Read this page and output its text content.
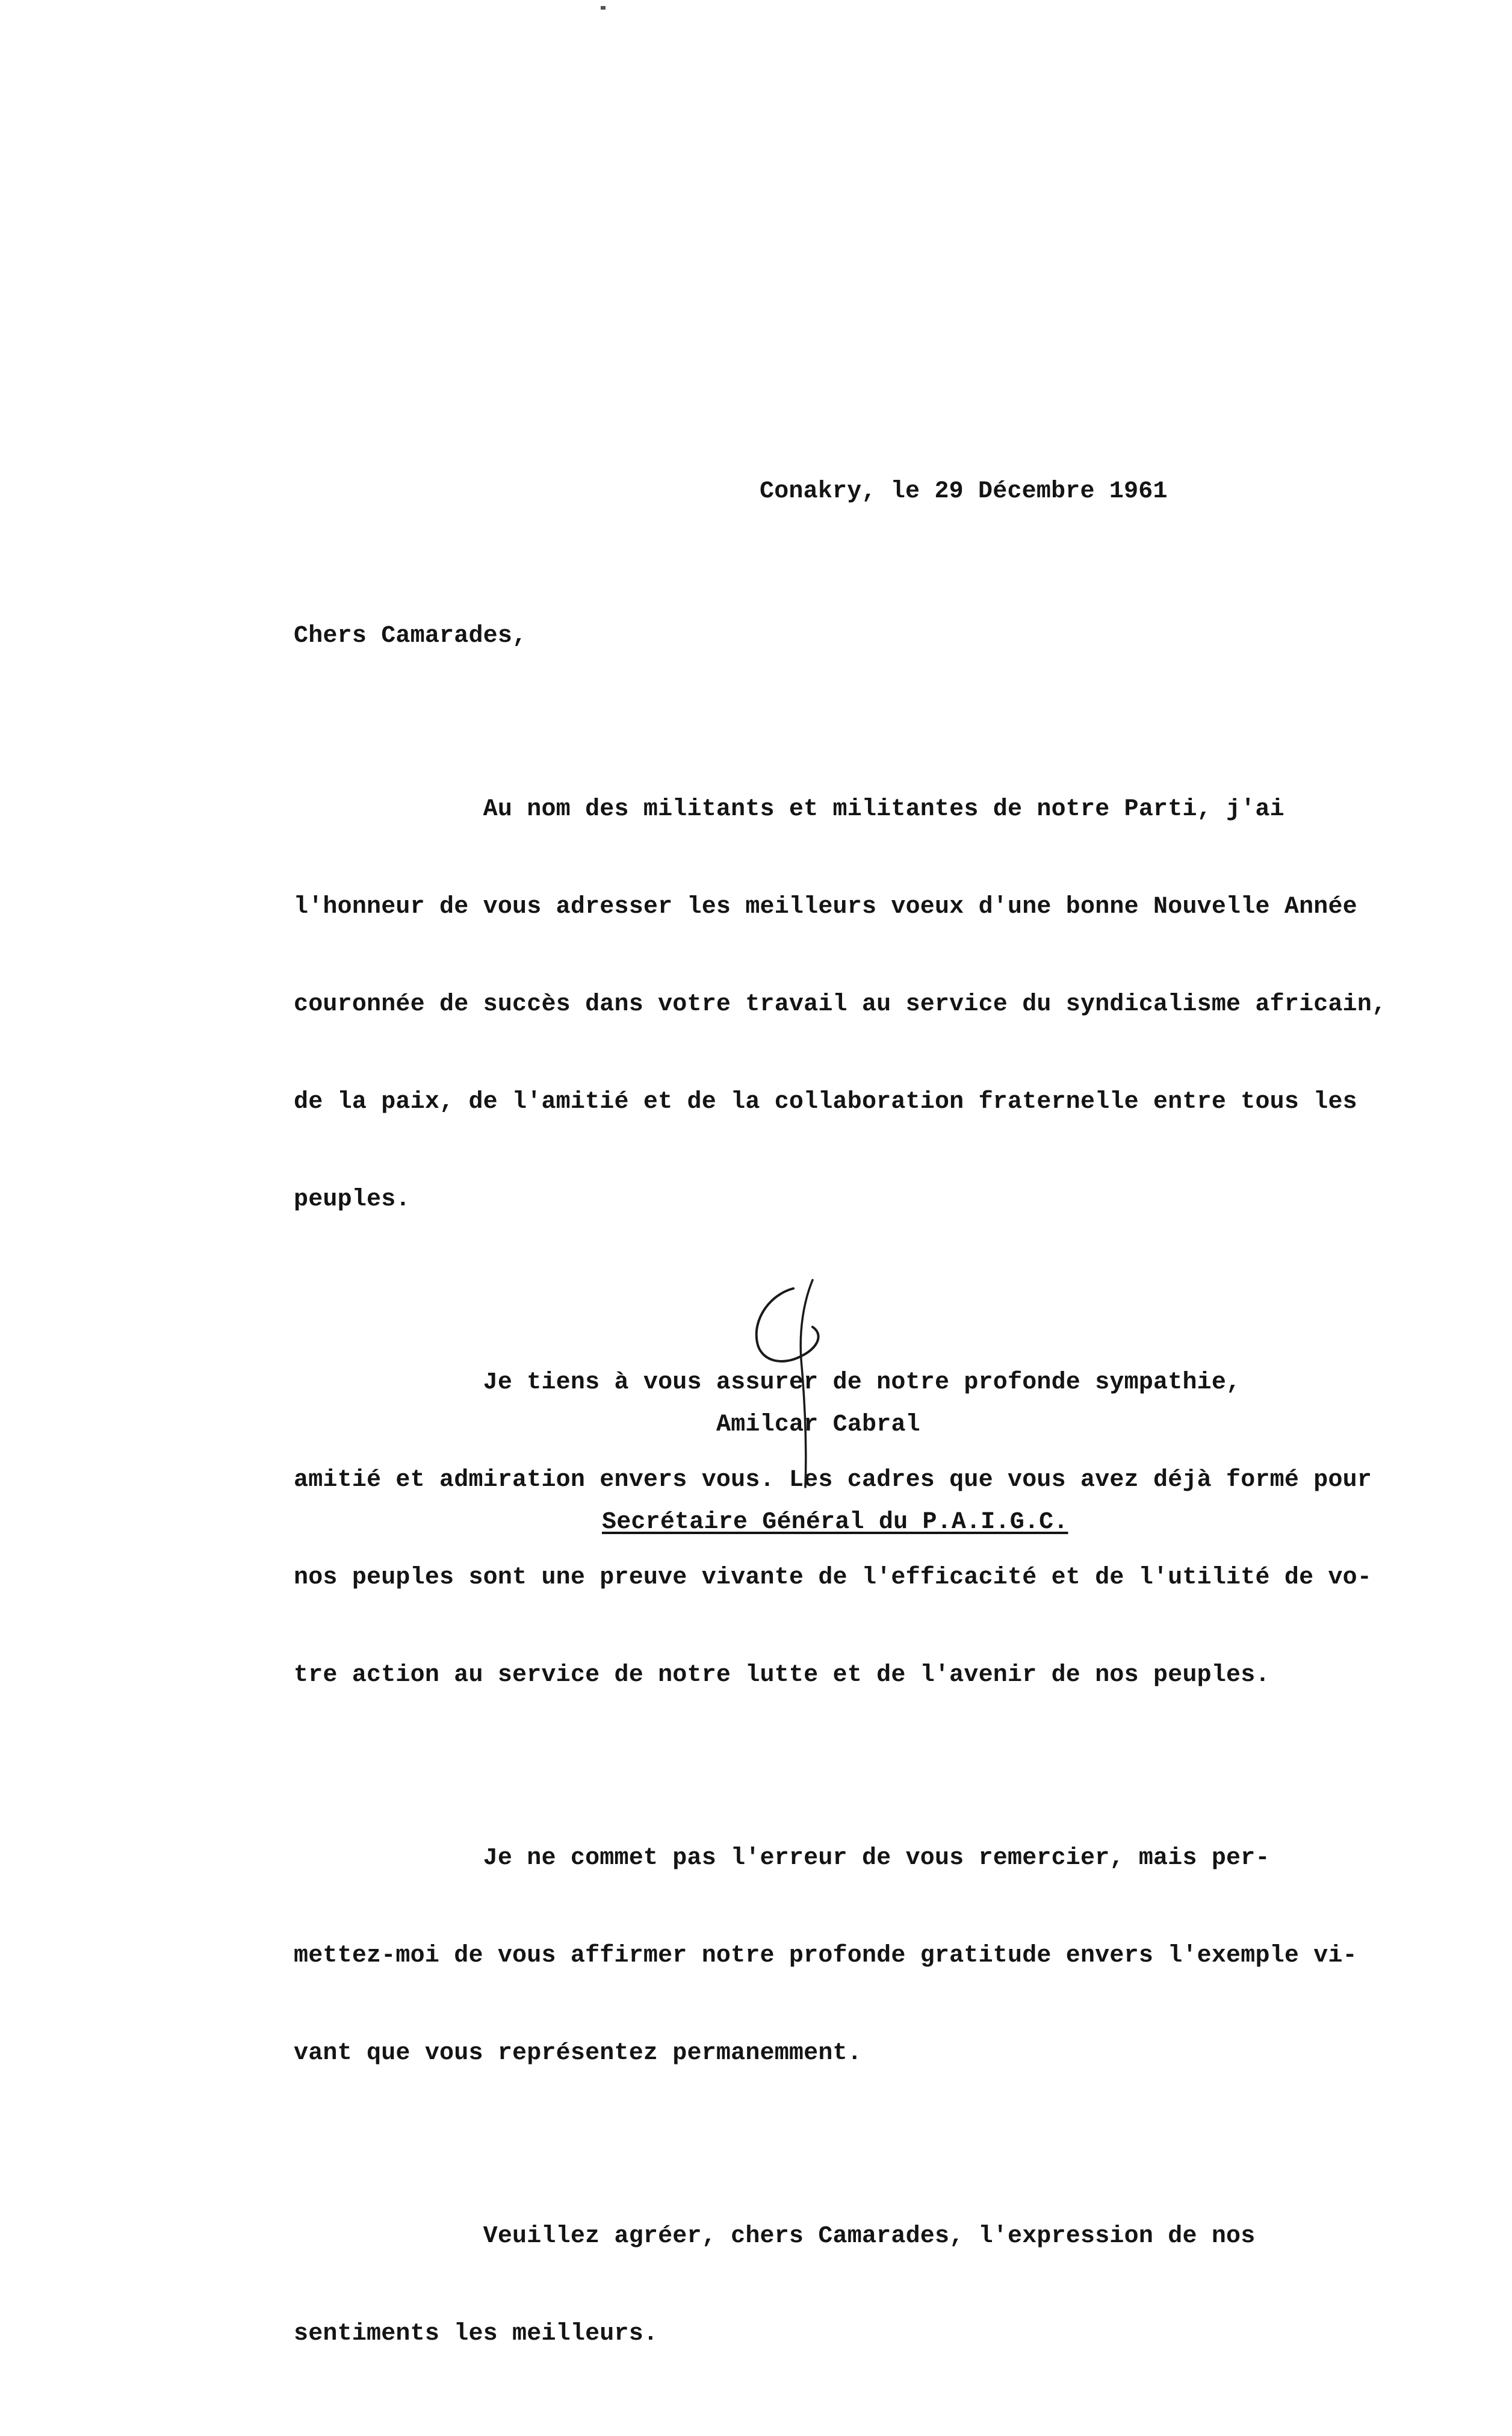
Conakry, le 29 Décembre 1961
Chers Camarades,

Au nom des militants et militantes de notre Parti, j'ai

l'honneur de vous adresser les meilleurs voeux d'une bonne Nouvelle Année

couronnée de succès dans votre travail au service du syndicalisme africain,

de la paix, de l'amitié et de la collaboration fraternelle entre tous les

peuples.

Je tiens à vous assurer de notre profonde sympathie,

amitié et admiration envers vous. Les cadres que vous avez déjà formé pour

nos peuples sont une preuve vivante de l'efficacité et de l'utilité de vo-

tre action au service de notre lutte et de l'avenir de nos peuples.

Je ne commet pas l'erreur de vous remercier, mais per-

mettez-moi de vous affirmer notre profonde gratitude envers l'exemple vi-

vant que vous représentez permanemment.

Veuillez agréer, chers Camarades, l'expression de nos

sentiments les meilleurs.

Amilcar Cabral

Secrétaire Général du P.A.I.G.C.
